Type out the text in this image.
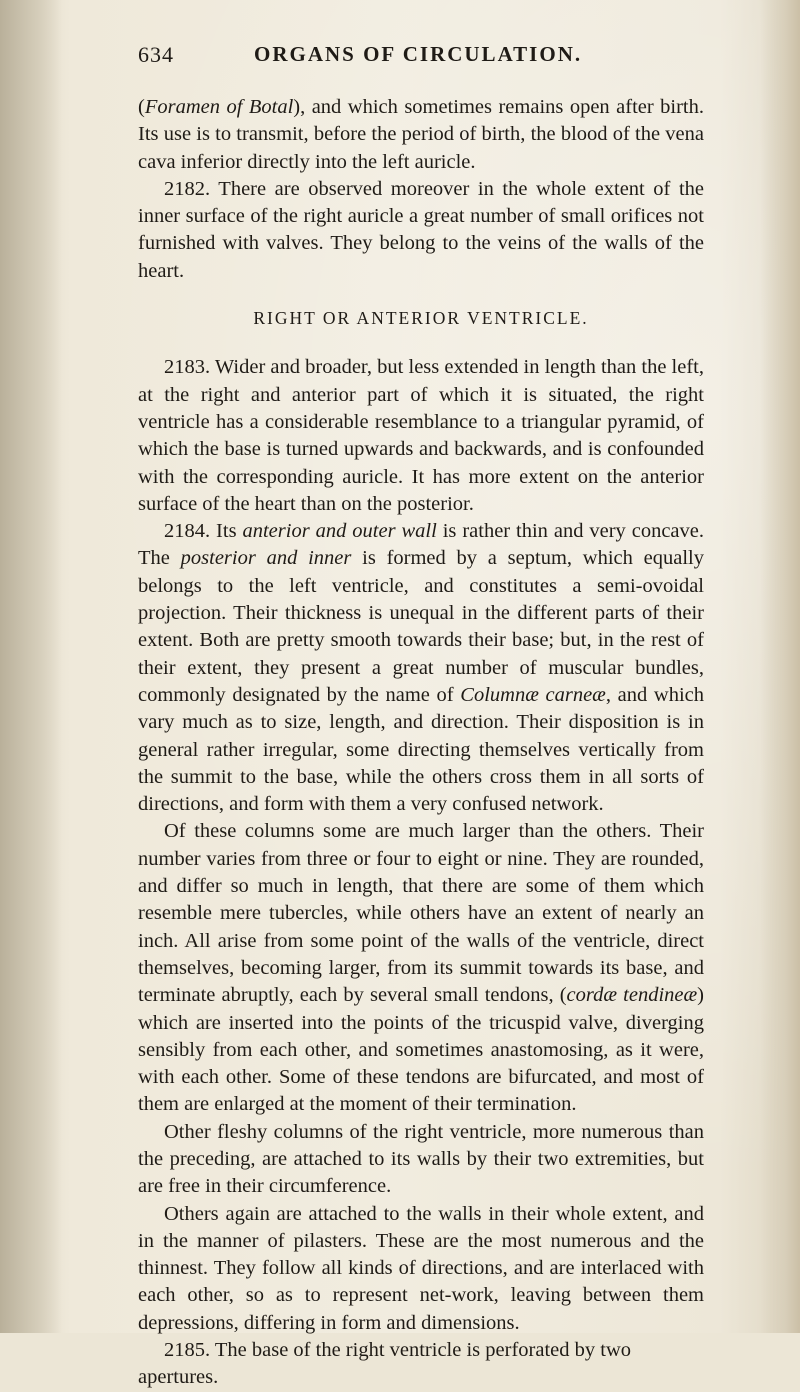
634	ORGANS OF CIRCULATION.

(Foramen of Botal), and which sometimes remains open after birth. Its use is to transmit, before the period of birth, the blood of the vena cava inferior directly into the left auricle.

2182. There are observed moreover in the whole extent of the inner surface of the right auricle a great number of small orifices not furnished with valves. They belong to the veins of the walls of the heart.

RIGHT OR ANTERIOR VENTRICLE.

2183. Wider and broader, but less extended in length than the left, at the right and anterior part of which it is situated, the right ventricle has a considerable resemblance to a triangular pyramid, of which the base is turned upwards and backwards, and is confounded with the corresponding auricle. It has more extent on the anterior surface of the heart than on the posterior.

2184. Its anterior and outer wall is rather thin and very concave. The posterior and inner is formed by a septum, which equally belongs to the left ventricle, and constitutes a semi-ovoidal projection. Their thickness is unequal in the different parts of their extent. Both are pretty smooth towards their base; but, in the rest of their extent, they present a great number of muscular bundles, commonly designated by the name of Columnæ carneæ, and which vary much as to size, length, and direction. Their disposition is in general rather irregular, some directing themselves vertically from the summit to the base, while the others cross them in all sorts of directions, and form with them a very confused network.

Of these columns some are much larger than the others. Their number varies from three or four to eight or nine. They are rounded, and differ so much in length, that there are some of them which resemble mere tubercles, while others have an extent of nearly an inch. All arise from some point of the walls of the ventricle, direct themselves, becoming larger, from its summit towards its base, and terminate abruptly, each by several small tendons, (cordæ tendineæ) which are inserted into the points of the tricuspid valve, diverging sensibly from each other, and sometimes anastomosing, as it were, with each other. Some of these tendons are bifurcated, and most of them are enlarged at the moment of their termination.

Other fleshy columns of the right ventricle, more numerous than the preceding, are attached to its walls by their two extremities, but are free in their circumference.

Others again are attached to the walls in their whole extent, and in the manner of pilasters. These are the most numerous and the thinnest. They follow all kinds of directions, and are interlaced with each other, so as to represent net-work, leaving between them depressions, differing in form and dimensions.

2185. The base of the right ventricle is perforated by two apertures.
